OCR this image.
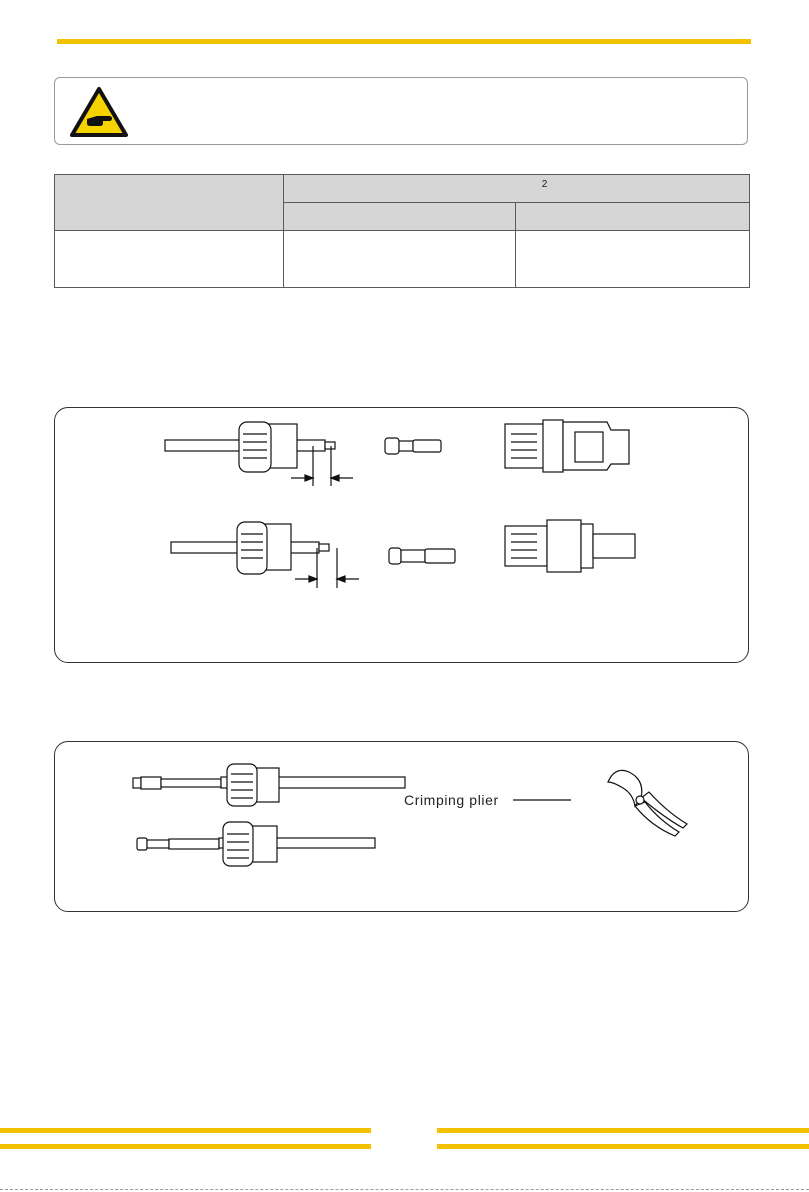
	$^2$

Crimping plier
